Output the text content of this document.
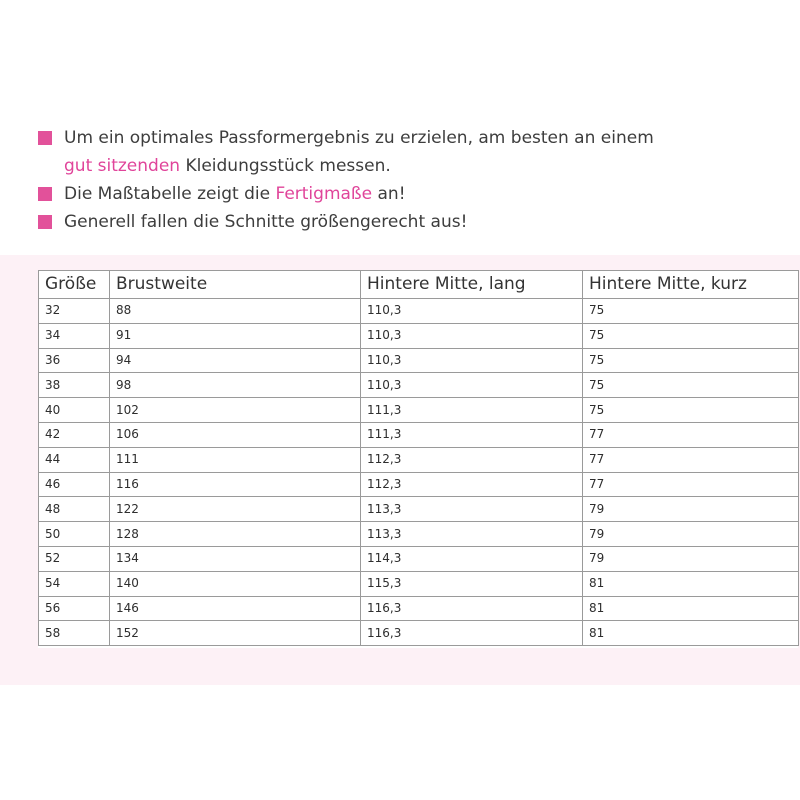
Um ein optimales Passformergebnis zu erzielen, am besten an einem
gut sitzenden Kleidungsstück messen.
Die Maßtabelle zeigt die Fertigmaße an!
Generell fallen die Schnitte größengerecht aus!
Größe	Brustweite	Hintere Mitte, lang	Hintere Mitte, kurz
32	88	110,3	75
34	91	110,3	75
36	94	110,3	75
38	98	110,3	75
40	102	111,3	75
42	106	111,3	77
44	111	112,3	77
46	116	112,3	77
48	122	113,3	79
50	128	113,3	79
52	134	114,3	79
54	140	115,3	81
56	146	116,3	81
58	152	116,3	81
